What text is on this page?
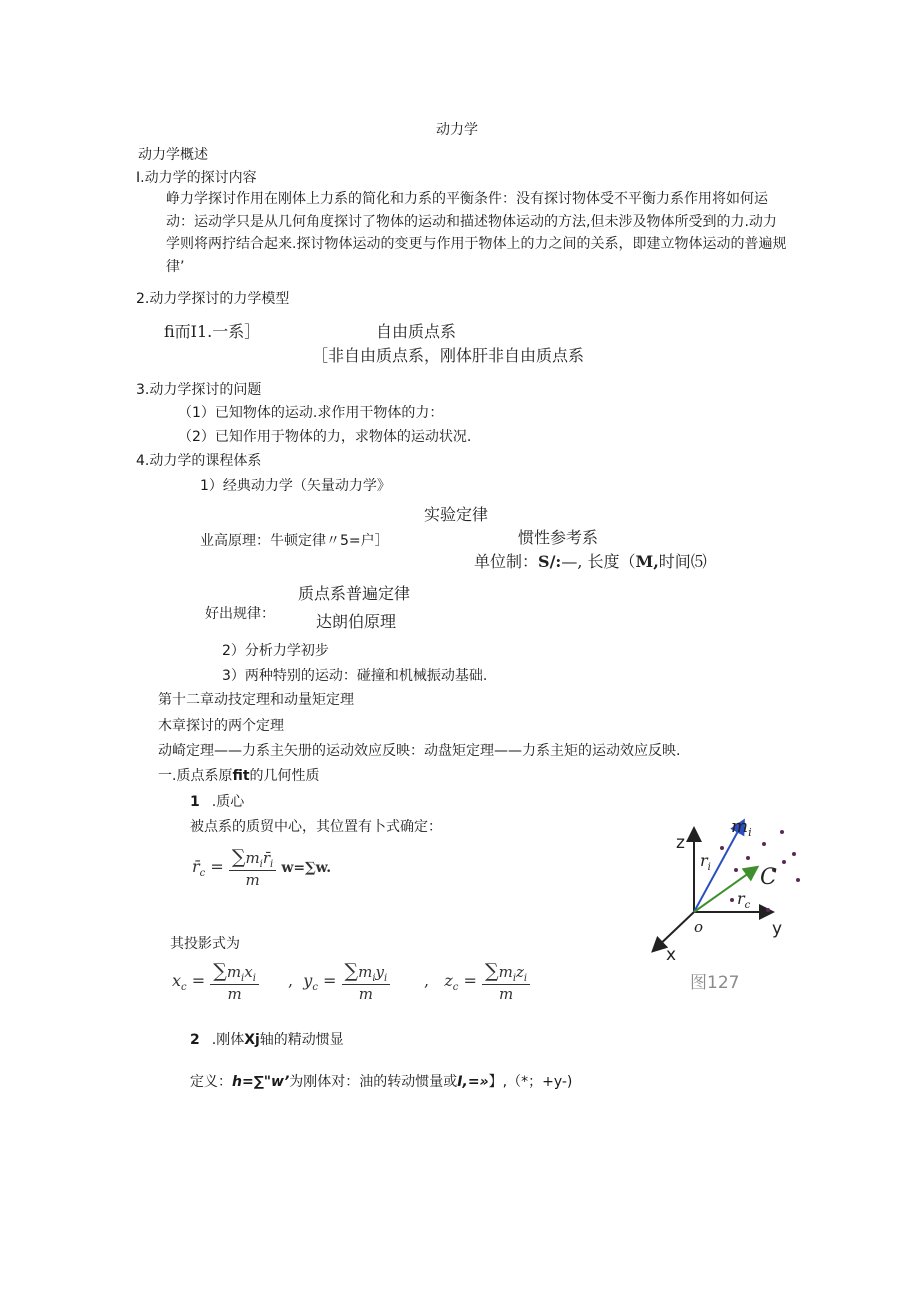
动力学
动力学概述
I.动力学的探讨内容
峥力学探讨作用在刚体上力系的简化和力系的平衡条件：没有探讨物体受不平衡力系作用将如何运动：运动学只是从几何角度探讨了物体的运动和描述物体运动的方法,但未涉及物体所受到的力.动力学则将两拧结合起来.探讨物体运动的变更与作用于物体上的力之间的关系，即建立物体运动的普遍规律’
2.动力学探讨的力学模型
fi而I1.一系］	自由质点系
［非自由质点系，刚体肝非自由质点系
3.动力学探讨的问题
（1）已知物体的运动.求作用干物体的力：
（2）已知作用于物体的力，求物体的运动状况.
4.动力学的课程体系
1）经典动力学（矢量动力学》
实验定律
业高原理：牛顿定律〃5=户］	惯性参考系
单位制：S/:—, 长度（M,时间⑸
质点系普遍定律
好出规律：	达朗伯原理
2）分析力学初步
3）两种特别的运动：碰撞和机械振动基础.
第十二章动技定理和动量矩定理
木章探讨的两个定理
动崎定理——力系主矢册的运动效应反映：动盘矩定理——力系主矩的运动效应反映.
一.质点系原fit的几何性质
1 .质心
被点系的质贸中心，其位置有卜式确定：
$r̄_c = \frac{\sum m_ir̄_i}{m} w=\sum w$.
其投影式为
$x_c = \frac{\sum m_ix_i}{m}$ , $y_c = \frac{\sum m_iy_i}{m}$ , $z_c = \frac{\sum m_iz_i}{m}$
2 .刚体Xj轴的精动惯显
定义：h=∑"w’为刚体对：油的转动惯量或I,=»】,（*；+y-)
z
y
x
o
C
$m_i$
$r_i$
$r_c$
图127
